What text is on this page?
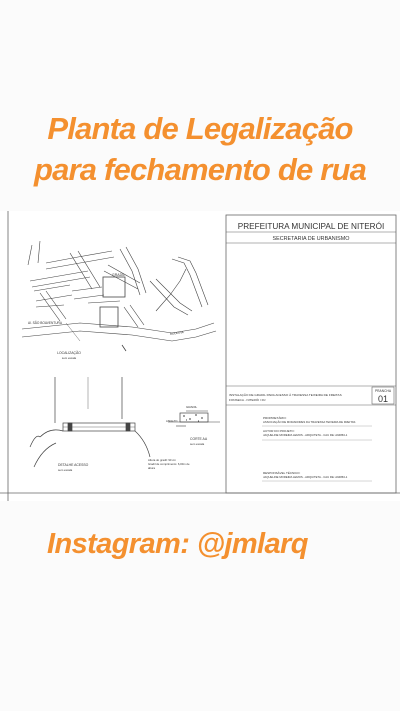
Planta de Legalização
para fechamento de rua
PREFEITURA MUNICIPAL DE NITERÓI
SECRETARIA DE URBANISMO
INSTALAÇÃO DE GRADIL PARA ACESSO À TRAVESSA TEIXEIRA DE FREITAS
FONSECA - NITERÓI / RJ
PRANCHA
01
PROPRIETÁRIO:
ASSOCIAÇÃO DE MORADORES DA TRAVESSA TEIXEIRA DE FREITAS
AUTOR DO PROJETO:
JAQUELINE MOREIRA LEMOS - ARQUITETA - CAU RE: A94863-1
RESPONSÁVEL TÉCNICO:
JAQUELINE MOREIRA LEMOS - ARQUITETA - CAU RE: A94863-1
GRADIL
Al. SÃO BOAVENTURA
RODOVIA
LOCALIZAÇÃO
sem escala
DETALHE ACESSO
sem escala
GRADIL
ASFALTO
CORTE AA
sem escala
Altura do gradil: 90 cm
Gradil de comprimento: 6,00m de
altura
Instagram: @jmlarq
